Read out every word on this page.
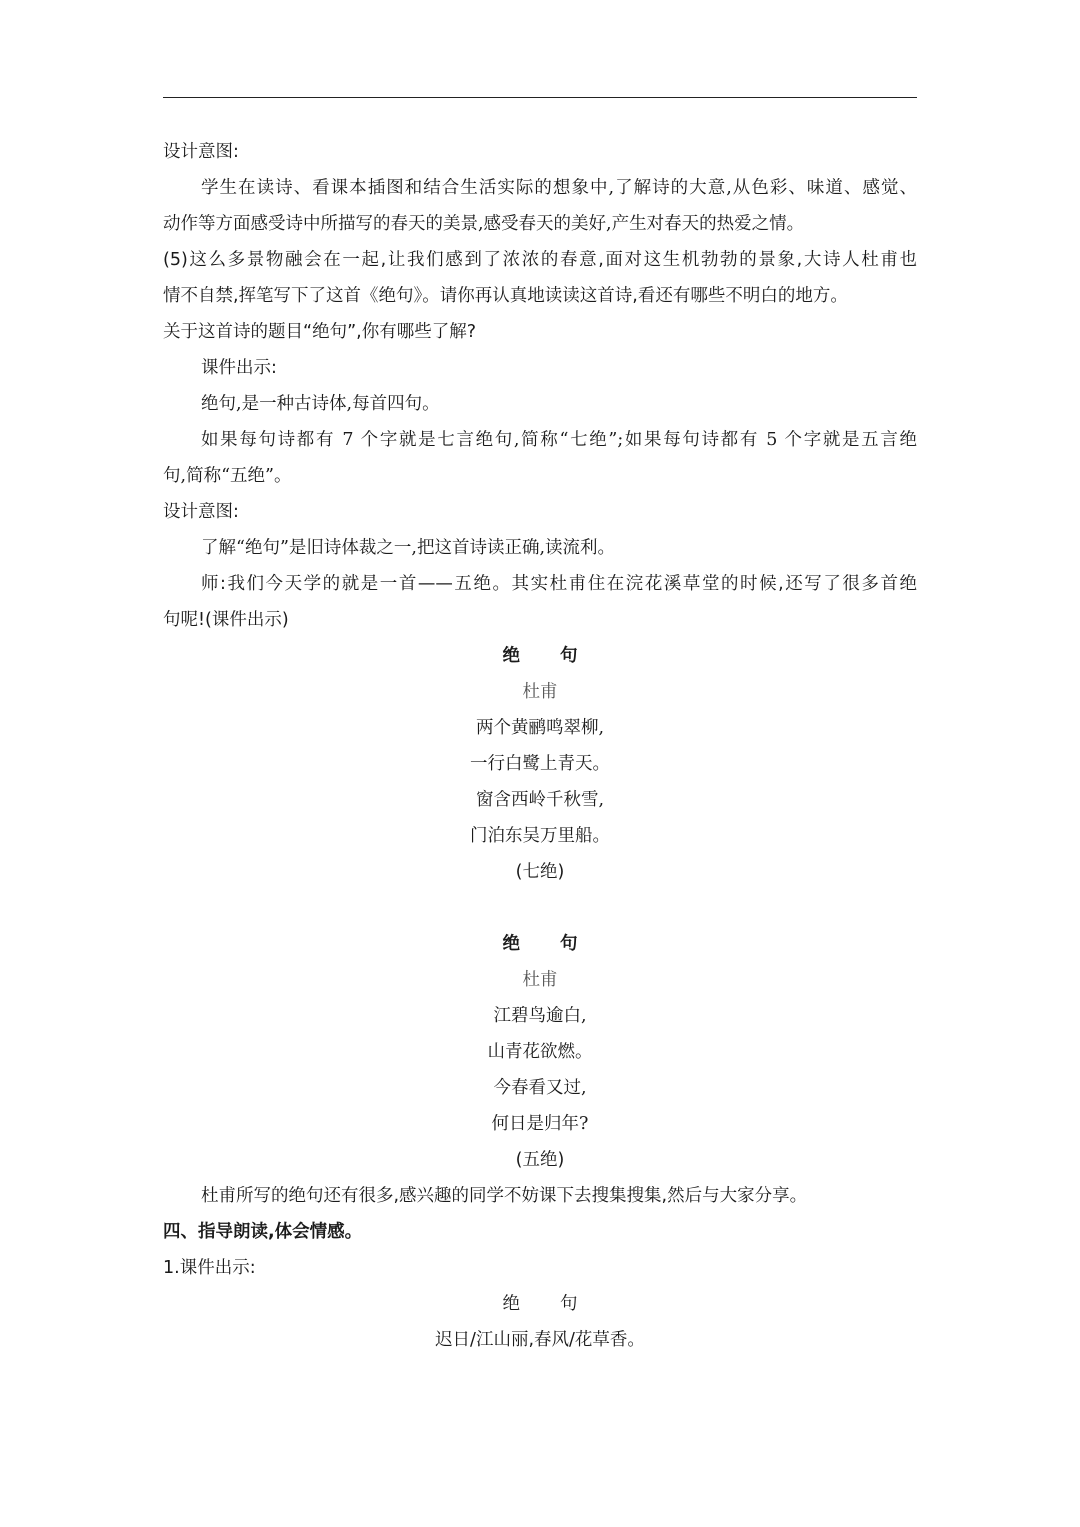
设计意图:
学生在读诗、看课本插图和结合生活实际的想象中,了解诗的大意,从色彩、味道、感觉、
动作等方面感受诗中所描写的春天的美景,感受春天的美好,产生对春天的热爱之情。
(5)这么多景物融会在一起,让我们感到了浓浓的春意,面对这生机勃勃的景象,大诗人杜甫也
情不自禁,挥笔写下了这首《绝句》。请你再认真地读读这首诗,看还有哪些不明白的地方。
关于这首诗的题目“绝句”,你有哪些了解?
课件出示:
绝句,是一种古诗体,每首四句。
如果每句诗都有 7 个字就是七言绝句,简称“七绝”;如果每句诗都有 5 个字就是五言绝
句,简称“五绝”。
设计意图:
了解“绝句”是旧诗体裁之一,把这首诗读正确,读流利。
师:我们今天学的就是一首——五绝。其实杜甫住在浣花溪草堂的时候,还写了很多首绝
句呢!(课件出示)
绝 句
杜甫
两个黄鹂鸣翠柳,
一行白鹭上青天。
窗含西岭千秋雪,
门泊东吴万里船。
(七绝)
绝 句
杜甫
江碧鸟逾白,
山青花欲燃。
今春看又过,
何日是归年?
(五绝)
杜甫所写的绝句还有很多,感兴趣的同学不妨课下去搜集搜集,然后与大家分享。
四、指导朗读,体会情感。
1.课件出示:
绝 句
迟日/江山丽,春风/花草香。
